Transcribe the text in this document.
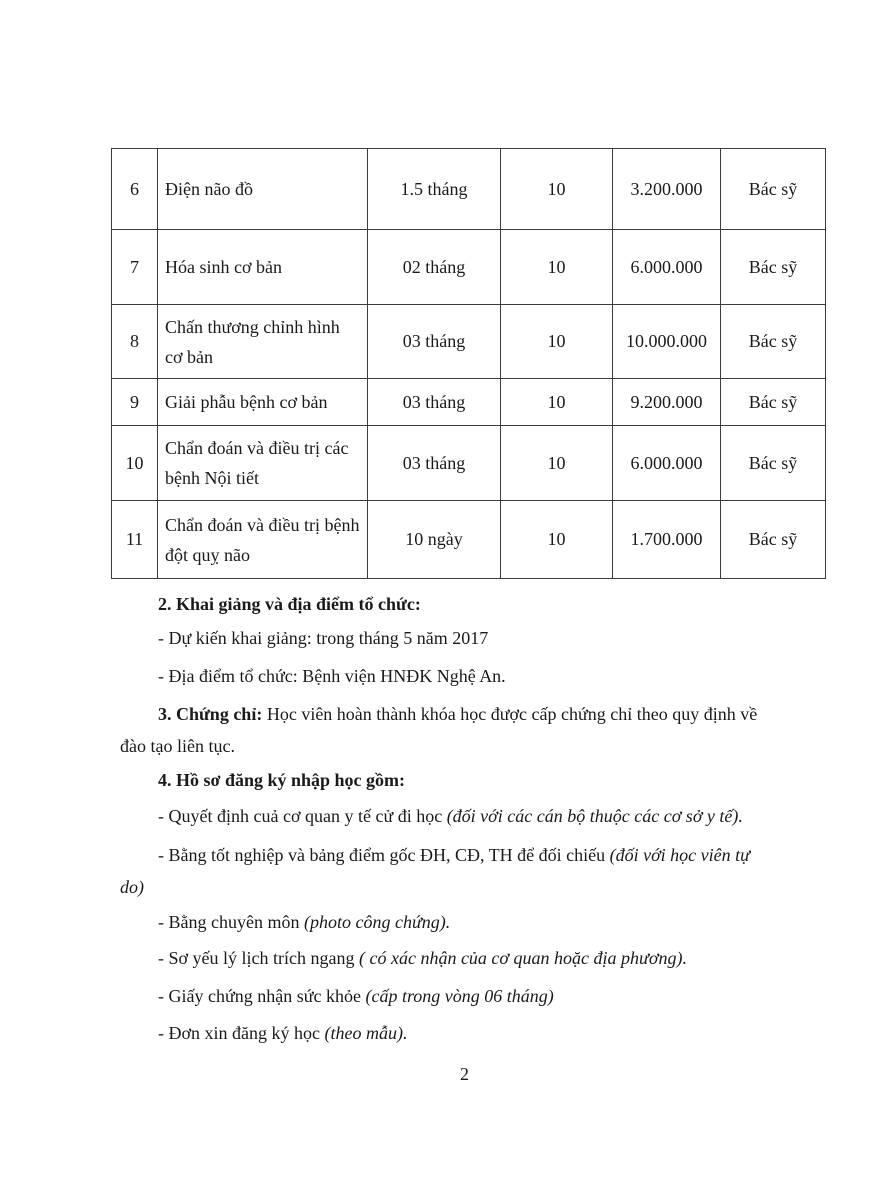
6	Điện não đồ	1.5 tháng	10	3.200.000	Bác sỹ
7	Hóa sinh cơ bản	02 tháng	10	6.000.000	Bác sỹ
8	Chấn thương chỉnh hình cơ bản	03 tháng	10	10.000.000	Bác sỹ
9	Giải phẫu bệnh cơ bản	03 tháng	10	9.200.000	Bác sỹ
10	Chẩn đoán và điều trị các bệnh Nội tiết	03 tháng	10	6.000.000	Bác sỹ
11	Chẩn đoán và điều trị bệnh đột quỵ não	10 ngày	10	1.700.000	Bác sỹ
2. Khai giảng và địa điểm tổ chức:
- Dự kiến khai giảng: trong tháng 5 năm 2017
- Địa điểm tổ chức: Bệnh viện HNĐK Nghệ An.
3. Chứng chỉ: Học viên hoàn thành khóa học được cấp chứng chỉ theo quy định về
đào tạo liên tục.
4. Hồ sơ đăng ký nhập học gồm:
- Quyết định cuả cơ quan y tế cử đi học (đối với các cán bộ thuộc các cơ sở y tế).
- Bằng tốt nghiệp và bảng điểm gốc ĐH, CĐ, TH để đối chiếu (đối với học viên tự
do)
- Bằng chuyên môn (photo công chứng).
- Sơ yếu lý lịch trích ngang ( có xác nhận của cơ quan hoặc địa phương).
- Giấy chứng nhận sức khỏe (cấp trong vòng 06 tháng)
- Đơn xin đăng ký học (theo mẫu).
2
